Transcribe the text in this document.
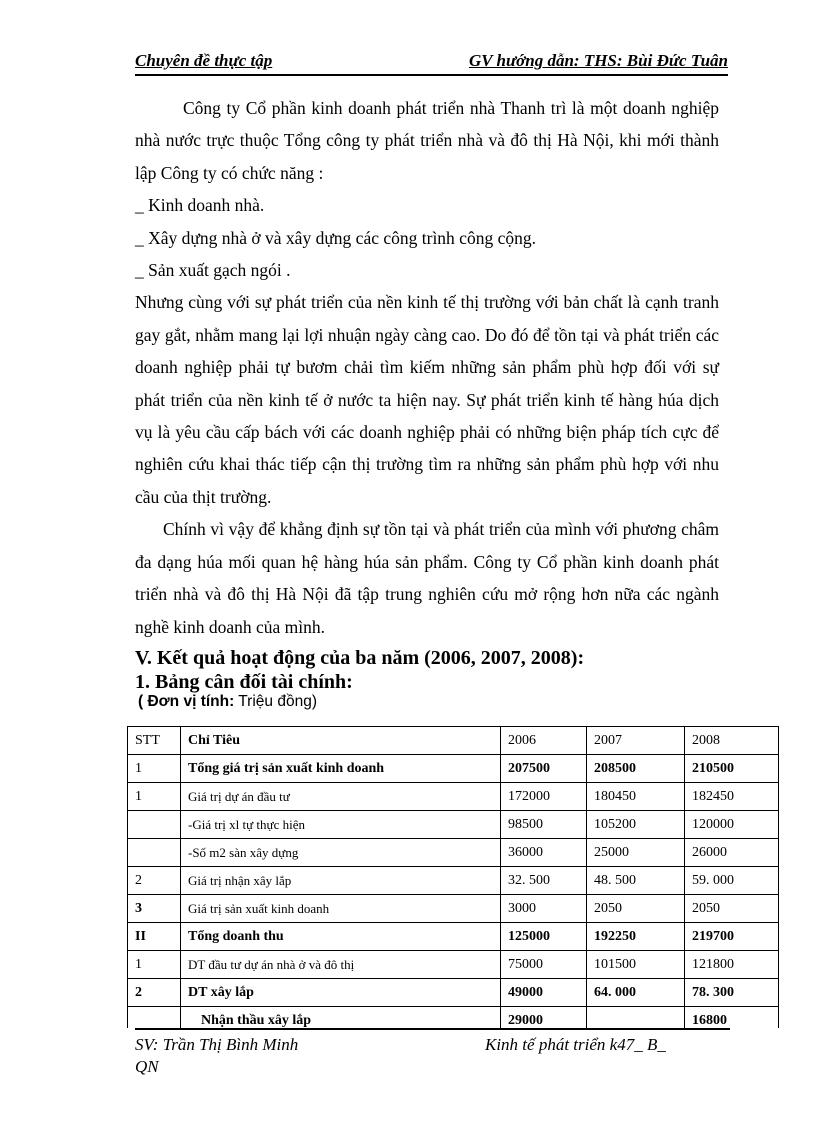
Chuyên đề thực tập	GV hướng dẫn: THS: Bùi Đức Tuân

Công ty Cổ phần kinh doanh phát triển nhà Thanh trì là một doanh nghiệp nhà nước trực thuộc Tổng công ty phát triển nhà và đô thị Hà Nội, khi mới thành lập Công ty có chức năng :

_ Kinh doanh nhà.

_ Xây dựng nhà ở và xây dựng các công trình công cộng.

_ Sản xuất gạch ngói .

Nhưng cùng với sự phát triển của nền kinh tế thị trường với bản chất là cạnh tranh gay gắt, nhằm mang lại lợi nhuận ngày càng cao. Do đó để tồn tại và phát triển các doanh nghiệp phải tự bươm chải tìm kiếm những sản phẩm phù hợp đối với sự phát triển của nền kinh tế ở nước ta hiện nay. Sự phát triển kinh tế hàng húa dịch vụ là yêu cầu cấp bách với các doanh nghiệp phải có những biện pháp tích cực để nghiên cứu khai thác tiếp cận thị trường tìm ra những sản phẩm phù hợp với nhu cầu của thịt trường.

Chính vì vậy để khẳng định sự tồn tại và phát triển của mình với phương châm đa dạng húa mối quan hệ hàng húa sản phẩm. Công ty Cổ phần kinh doanh phát triển nhà và đô thị Hà Nội đã tập trung nghiên cứu mở rộng hơn nữa các ngành nghề kinh doanh của mình.

V. Kết quả hoạt động của ba năm (2006, 2007, 2008):
1. Bảng cân đối tài chính:
( Đơn vị tính: Triệu đồng)
STT	Chỉ Tiêu	2006	2007	2008
1	Tổng giá trị sản xuất kinh doanh	207500	208500	210500
1	Giá trị dự án đầu tư	172000	180450	182450
	-Giá trị xl tự thực hiện	98500	105200	120000
	-Số m2 sàn xây dựng	36000	25000	26000
2	Giá trị nhận xây lắp	32. 500	48. 500	59. 000
3	Giá trị sản xuất kinh doanh	3000	2050	2050
II	Tổng doanh thu	125000	192250	219700
1	DT đầu tư dự án nhà ở và đô thị	75000	101500	121800
2	DT xây lắp	49000	64. 000	78. 300
	Nhận thầu xây lắp	29000		16800
SV: Trần Thị Bình Minh
QN
Kinh tế phát triển k47_ B_
